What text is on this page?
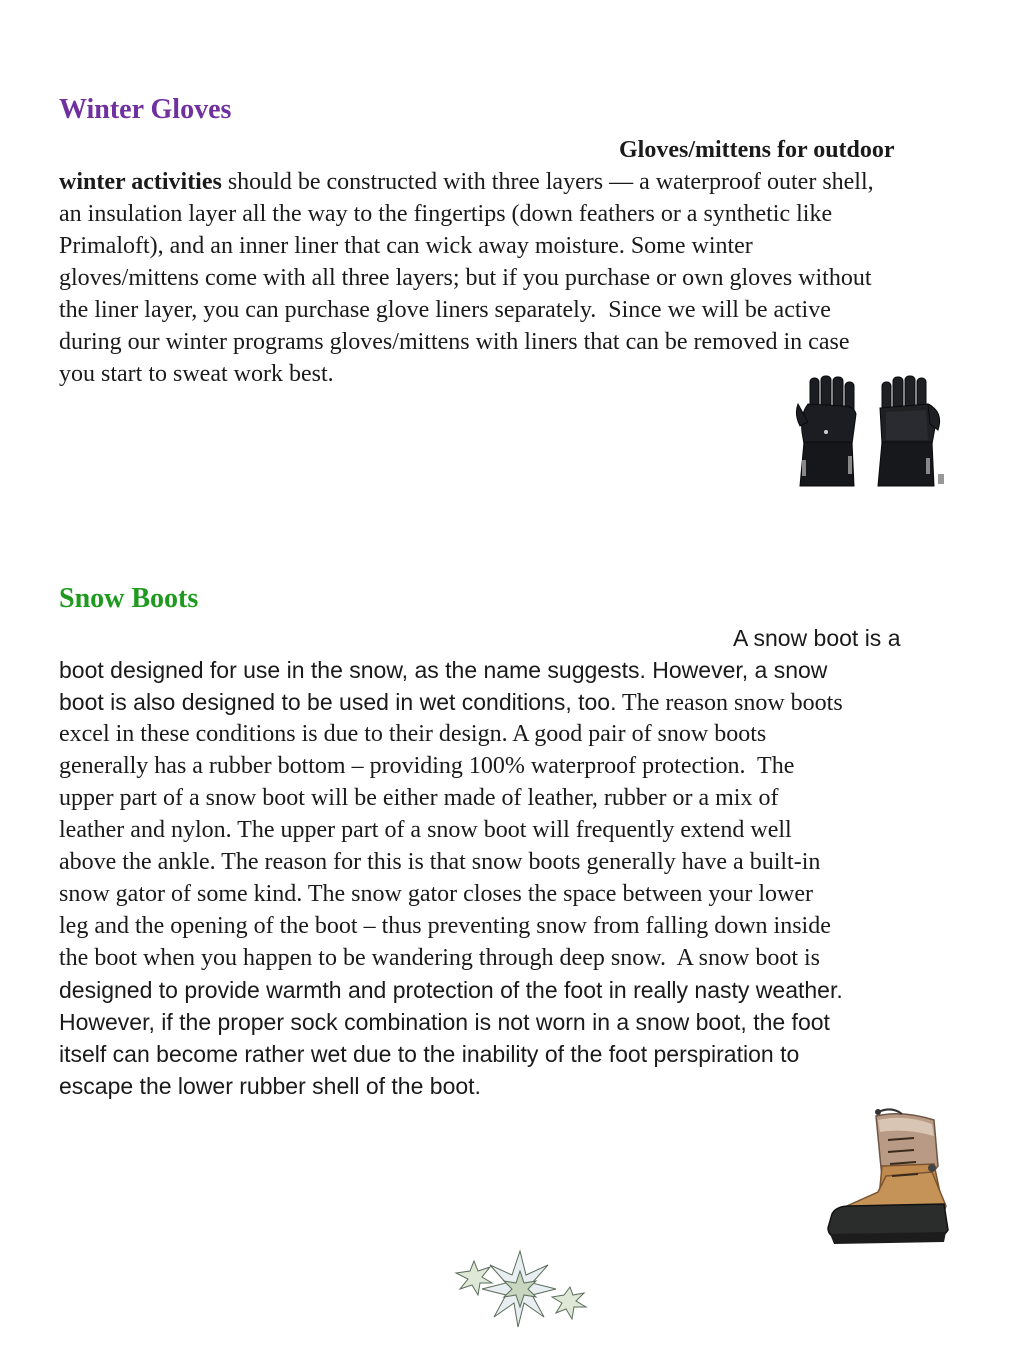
Winter Gloves
Gloves/mittens for outdoor
winter activities should be constructed with three layers — a waterproof outer shell,
an insulation layer all the way to the fingertips (down feathers or a synthetic like
Primaloft), and an inner liner that can wick away moisture. Some winter
gloves/mittens come with all three layers; but if you purchase or own gloves without
the liner layer, you can purchase glove liners separately.  Since we will be active
during our winter programs gloves/mittens with liners that can be removed in case
you start to sweat work best.
Snow Boots
A snow boot is a
boot designed for use in the snow, as the name suggests. However, a snow
boot is also designed to be used in wet conditions, too. The reason snow boots
excel in these conditions is due to their design. A good pair of snow boots
generally has a rubber bottom – providing 100% waterproof protection.  The
upper part of a snow boot will be either made of leather, rubber or a mix of
leather and nylon. The upper part of a snow boot will frequently extend well
above the ankle. The reason for this is that snow boots generally have a built-in
snow gator of some kind. The snow gator closes the space between your lower
leg and the opening of the boot – thus preventing snow from falling down inside
the boot when you happen to be wandering through deep snow.  A snow boot is
designed to provide warmth and protection of the foot in really nasty weather.
However, if the proper sock combination is not worn in a snow boot, the foot
itself can become rather wet due to the inability of the foot perspiration to
escape the lower rubber shell of the boot.
